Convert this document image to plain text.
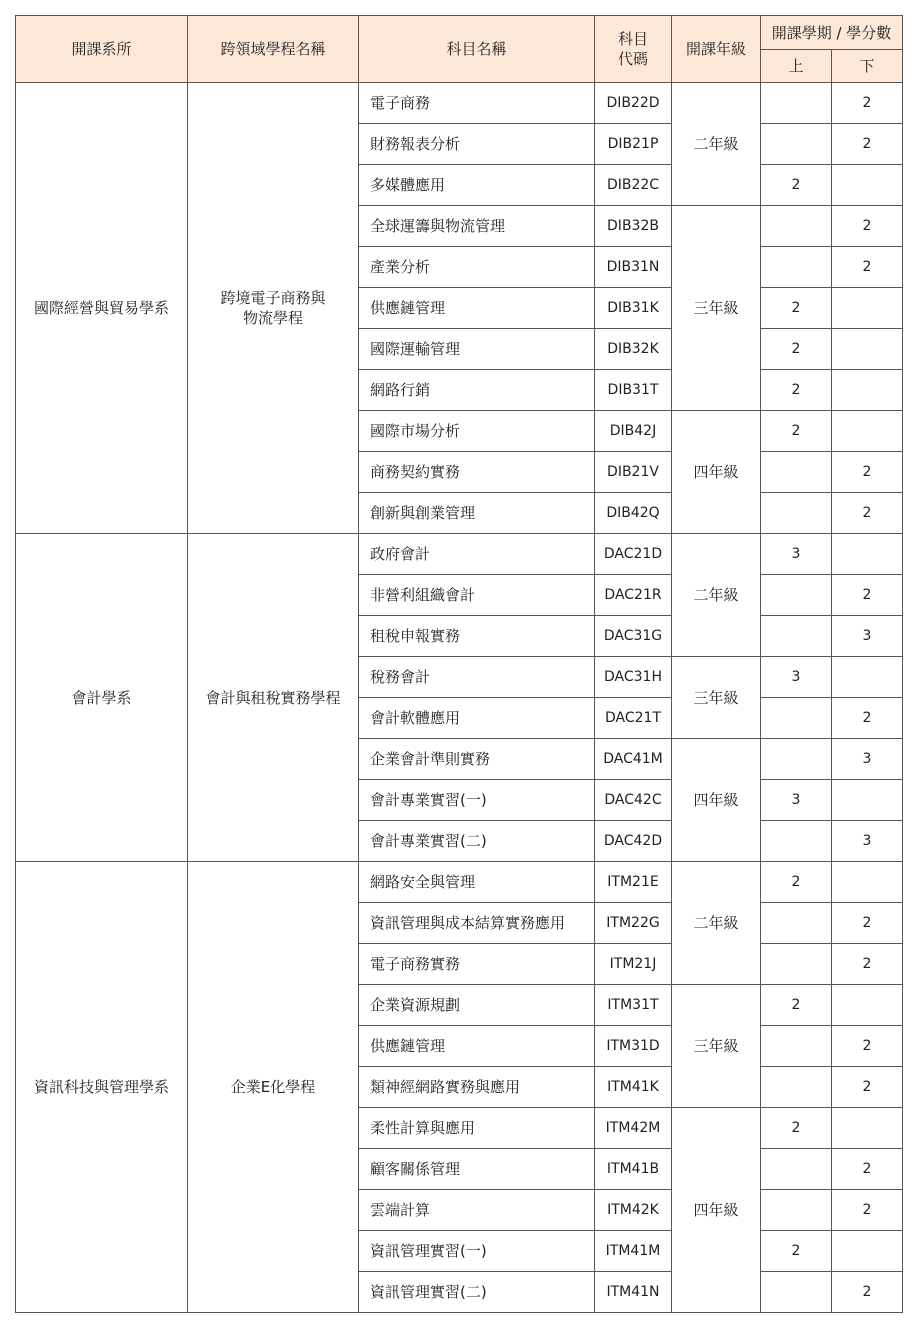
開課系所	跨領域學程名稱	科目名稱	科目
代碼	開課年級	開課學期 / 學分數	
					上	下
國際經營與貿易學系	跨境電子商務與
物流學程	電子商務	DIB22D	二年級		2
		財務報表分析	DIB21P			2
		多媒體應用	DIB22C		2	
		全球運籌與物流管理	DIB32B	三年級		2
		產業分析	DIB31N			2
		供應鏈管理	DIB31K		2	
		國際運輸管理	DIB32K		2	
		網路行銷	DIB31T		2	
		國際市場分析	DIB42J	四年級	2	
		商務契約實務	DIB21V			2
		創新與創業管理	DIB42Q			2
會計學系	會計與租稅實務學程	政府會計	DAC21D	二年級	3	
		非營利組織會計	DAC21R			2
		租稅申報實務	DAC31G			3
		稅務會計	DAC31H	三年級	3	
		會計軟體應用	DAC21T			2
		企業會計準則實務	DAC41M	四年級		3
		會計專業實習(一)	DAC42C		3	
		會計專業實習(二)	DAC42D			3
資訊科技與管理學系	企業E化學程	網路安全與管理	ITM21E	二年級	2	
		資訊管理與成本結算實務應用	ITM22G			2
		電子商務實務	ITM21J			2
		企業資源規劃	ITM31T	三年級	2	
		供應鏈管理	ITM31D			2
		類神經網路實務與應用	ITM41K			2
		柔性計算與應用	ITM42M	四年級	2	
		顧客關係管理	ITM41B			2
		雲端計算	ITM42K			2
		資訊管理實習(一)	ITM41M		2	
		資訊管理實習(二)	ITM41N			2
